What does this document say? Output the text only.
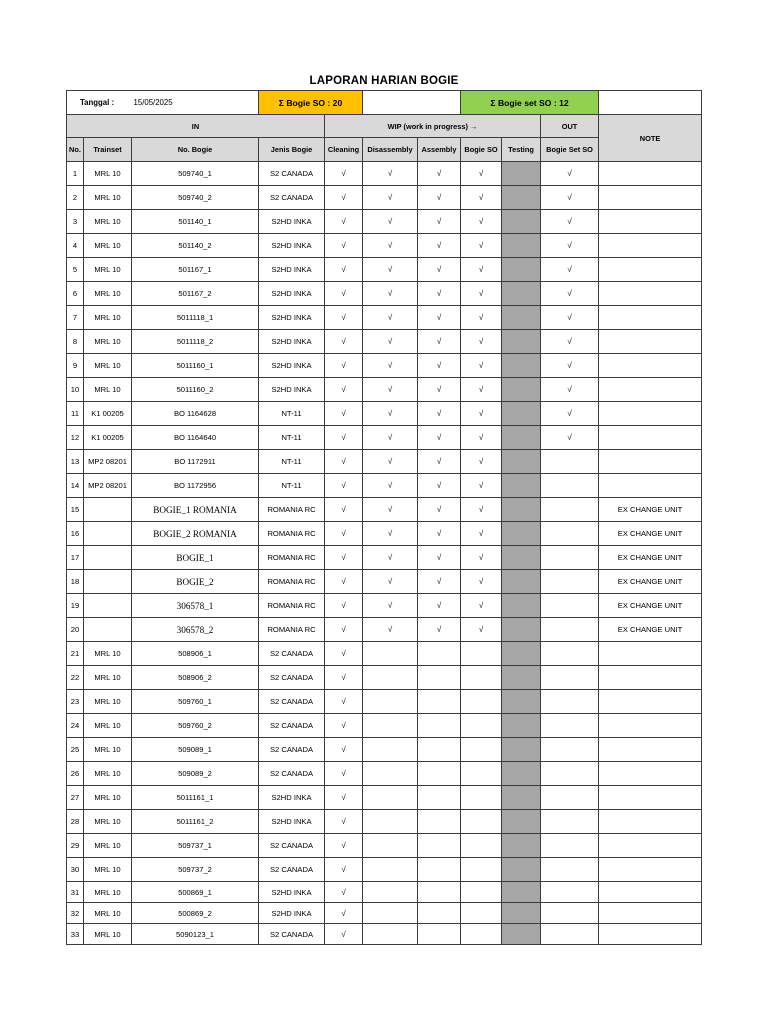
LAPORAN HARIAN BOGIE
Tanggal :		15/05/2025	Σ Bogie SO : 20				Σ Bogie set SO : 12			
IN				WIP (work in progress) →					OUT	NOTE
No.	Trainset	No. Bogie	Jenis Bogie	Cleaning	Disassembly	Assembly	Bogie SO	Testing	Bogie Set SO	
1	MRL 10	509740_1	S2 CANADA	√	√	√	√		√	
2	MRL 10	509740_2	S2 CANADA	√	√	√	√		√	
3	MRL 10	501140_1	S2HD INKA	√	√	√	√		√	
4	MRL 10	501140_2	S2HD INKA	√	√	√	√		√	
5	MRL 10	501167_1	S2HD INKA	√	√	√	√		√	
6	MRL 10	501167_2	S2HD INKA	√	√	√	√		√	
7	MRL 10	5011118_1	S2HD INKA	√	√	√	√		√	
8	MRL 10	5011118_2	S2HD INKA	√	√	√	√		√	
9	MRL 10	5011160_1	S2HD INKA	√	√	√	√		√	
10	MRL 10	5011160_2	S2HD INKA	√	√	√	√		√	
11	K1 00205	BO 1164628	NT-11	√	√	√	√		√	
12	K1 00205	BO 1164640	NT-11	√	√	√	√		√	
13	MP2 08201	BO 1172911	NT-11	√	√	√	√			
14	MP2 08201	BO 1172956	NT-11	√	√	√	√			
15		BOGIE_1 ROMANIA	ROMANIA RC	√	√	√	√			EX CHANGE UNIT
16		BOGIE_2 ROMANIA	ROMANIA RC	√	√	√	√			EX CHANGE UNIT
17		BOGIE_1	ROMANIA RC	√	√	√	√			EX CHANGE UNIT
18		BOGIE_2	ROMANIA RC	√	√	√	√			EX CHANGE UNIT
19		306578_1	ROMANIA RC	√	√	√	√			EX CHANGE UNIT
20		306578_2	ROMANIA RC	√	√	√	√			EX CHANGE UNIT
21	MRL 10	508906_1	S2 CANADA	√						
22	MRL 10	508906_2	S2 CANADA	√						
23	MRL 10	509760_1	S2 CANADA	√						
24	MRL 10	509760_2	S2 CANADA	√						
25	MRL 10	509089_1	S2 CANADA	√						
26	MRL 10	509089_2	S2 CANADA	√						
27	MRL 10	5011161_1	S2HD INKA	√						
28	MRL 10	5011161_2	S2HD INKA	√						
29	MRL 10	509737_1	S2 CANADA	√						
30	MRL 10	509737_2	S2 CANADA	√						
31	MRL 10	500869_1	S2HD INKA	√						
32	MRL 10	500869_2	S2HD INKA	√						
33	MRL 10	5090123_1	S2 CANADA	√						
